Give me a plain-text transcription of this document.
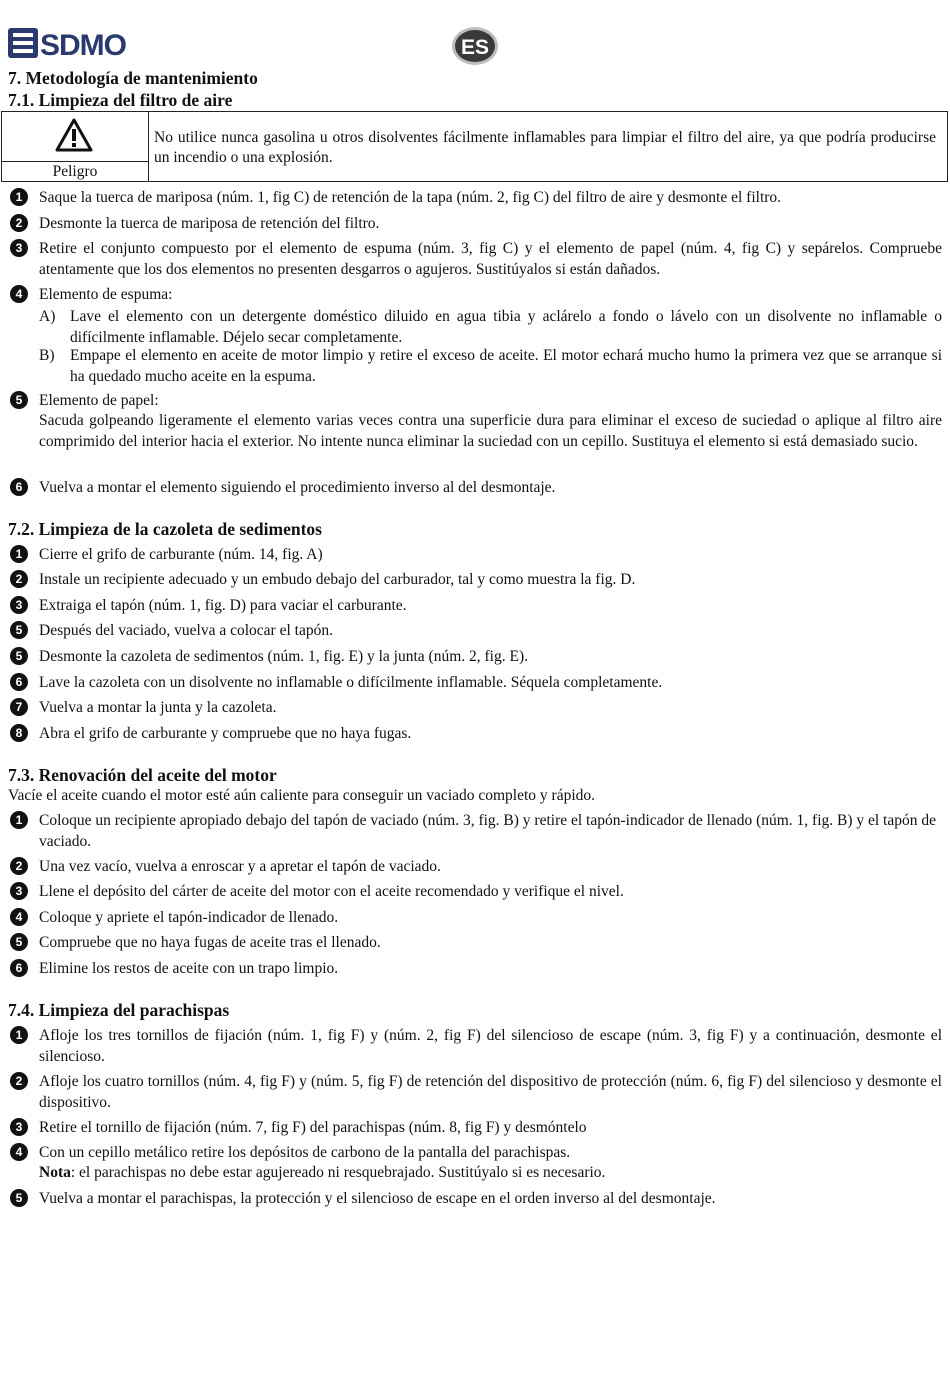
SDMO	ES
7. Metodología de mantenimiento
7.1. Limpieza del filtro de aire
Peligro
No utilice nunca gasolina u otros disolventes fácilmente inflamables para limpiar el filtro del aire, ya que podría producirse un incendio o una explosión.
1	Saque la tuerca de mariposa (núm. 1, fig C) de retención de la tapa (núm. 2, fig C) del filtro de aire y desmonte el filtro.
2	Desmonte la tuerca de mariposa de retención del filtro.
3	Retire el conjunto compuesto por el elemento de espuma (núm. 3, fig C) y el elemento de papel (núm. 4, fig C) y sepárelos. Compruebe atentamente que los dos elementos no presenten desgarros o agujeros. Sustitúyalos si están dañados.
4	Elemento de espuma:
A) Lave el elemento con un detergente doméstico diluido en agua tibia y aclárelo a fondo o lávelo con un disolvente no inflamable o difícilmente inflamable. Déjelo secar completamente.
B) Empape el elemento en aceite de motor limpio y retire el exceso de aceite. El motor echará mucho humo la primera vez que se arranque si ha quedado mucho aceite en la espuma.
5	Elemento de papel:
Sacuda golpeando ligeramente el elemento varias veces contra una superficie dura para eliminar el exceso de suciedad o aplique al filtro aire comprimido del interior hacia el exterior. No intente nunca eliminar la suciedad con un cepillo. Sustituya el elemento si está demasiado sucio.
6	Vuelva a montar el elemento siguiendo el procedimiento inverso al del desmontaje.
7.2. Limpieza de la cazoleta de sedimentos
1	Cierre el grifo de carburante (núm. 14, fig. A)
2	Instale un recipiente adecuado y un embudo debajo del carburador, tal y como muestra la fig. D.
3	Extraiga el tapón (núm. 1, fig. D) para vaciar el carburante.
5	Después del vaciado, vuelva a colocar el tapón.
5	Desmonte la cazoleta de sedimentos (núm. 1, fig. E) y la junta (núm. 2, fig. E).
6	Lave la cazoleta con un disolvente no inflamable o difícilmente inflamable. Séquela completamente.
7	Vuelva a montar la junta y la cazoleta.
8	Abra el grifo de carburante y compruebe que no haya fugas.
7.3. Renovación del aceite del motor
Vacíe el aceite cuando el motor esté aún caliente para conseguir un vaciado completo y rápido.
1	Coloque un recipiente apropiado debajo del tapón de vaciado (núm. 3, fig. B) y retire el tapón-indicador de llenado (núm. 1, fig. B) y el tapón de vaciado.
2	Una vez vacío, vuelva a enroscar y a apretar el tapón de vaciado.
3	Llene el depósito del cárter de aceite del motor con el aceite recomendado y verifique el nivel.
4	Coloque y apriete el tapón-indicador de llenado.
5	Compruebe que no haya fugas de aceite tras el llenado.
6	Elimine los restos de aceite con un trapo limpio.
7.4. Limpieza del parachispas
1	Afloje los tres tornillos de fijación (núm. 1, fig F) y (núm. 2, fig F) del silencioso de escape (núm. 3, fig F) y a continuación, desmonte el silencioso.
2	Afloje los cuatro tornillos (núm. 4, fig F) y (núm. 5, fig F) de retención del dispositivo de protección (núm. 6, fig F) del silencioso y desmonte el dispositivo.
3	Retire el tornillo de fijación (núm. 7, fig F) del parachispas (núm. 8, fig F) y desmóntelo
4	Con un cepillo metálico retire los depósitos de carbono de la pantalla del parachispas.
Nota: el parachispas no debe estar agujereado ni resquebrajado. Sustitúyalo si es necesario.
5	Vuelva a montar el parachispas, la protección y el silencioso de escape en el orden inverso al del desmontaje.
